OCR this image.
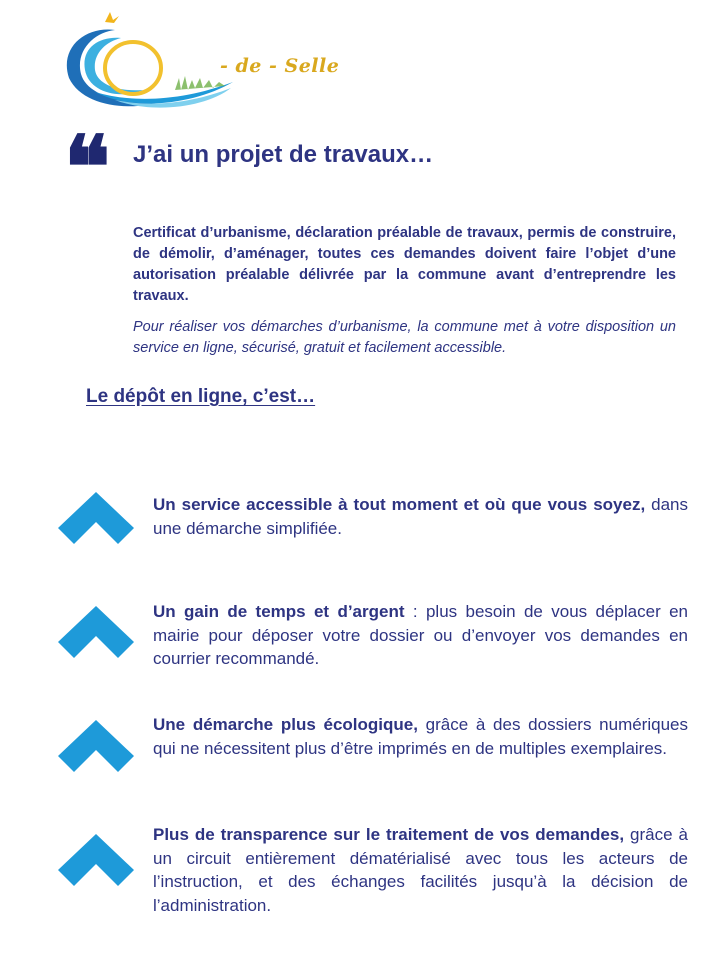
- de - Selle
❝ J’ai un projet de travaux…

Certificat d’urbanisme, déclaration préalable de travaux, permis de construire, de démolir, d’aménager, toutes ces demandes doivent faire l’objet d’une autorisation préalable délivrée par la commune avant d’entreprendre les travaux.

Pour réaliser vos démarches d’urbanisme, la commune met à votre disposition un service en ligne, sécurisé, gratuit et facilement accessible.

Le dépôt en ligne, c’est…

Un service accessible à tout moment et où que vous soyez, dans une démarche simplifiée.

Un gain de temps et d’argent : plus besoin de vous déplacer en mairie pour déposer votre dossier ou d’envoyer vos demandes en courrier recommandé.

Une démarche plus écologique, grâce à des dossiers numériques qui ne nécessitent plus d’être imprimés en de multiples exemplaires.

Plus de transparence sur le traitement de vos demandes, grâce à un circuit entièrement dématérialisé avec tous les acteurs de l’instruction, et des échanges facilités jusqu’à la décision de l’administration.
